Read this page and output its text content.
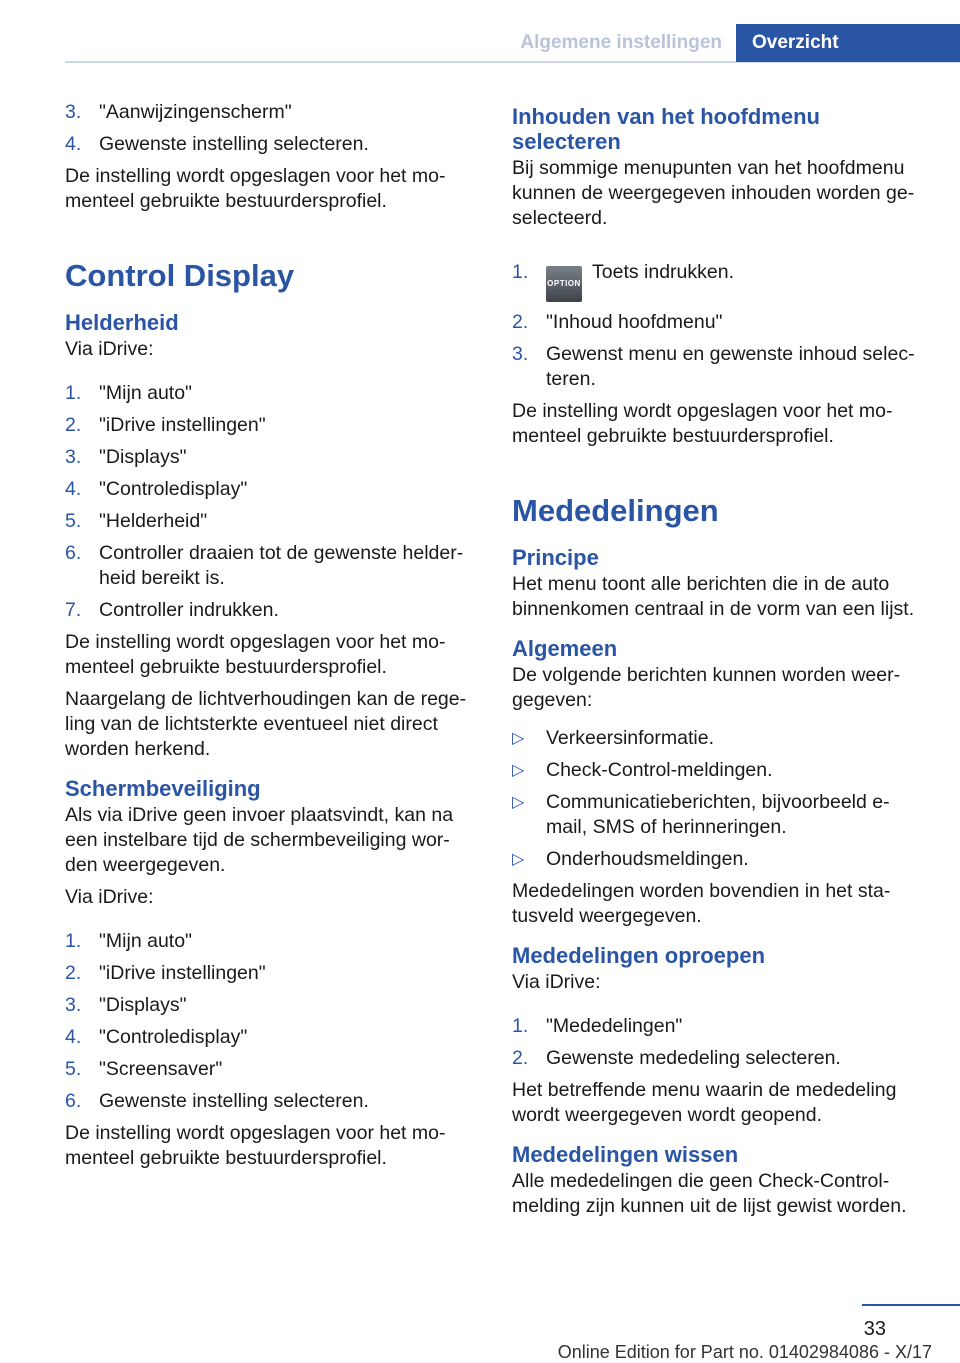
Algemene instellingen	Overzicht
3. "Aanwijzingenscherm"
4. Gewenste instelling selecteren.

De instelling wordt opgeslagen voor het mo-menteel gebruikte bestuurdersprofiel.

Control Display
Helderheid

Via iDrive:

1. "Mijn auto"
2. "iDrive instellingen"
3. "Displays"
4. "Controledisplay"
5. "Helderheid"
6. Controller draaien tot de gewenste helder-heid bereikt is.
7. Controller indrukken.

De instelling wordt opgeslagen voor het mo-menteel gebruikte bestuurdersprofiel.

Naargelang de lichtverhoudingen kan de rege-ling van de lichtsterkte eventueel niet direct worden herkend.

Schermbeveiliging

Als via iDrive geen invoer plaatsvindt, kan na een instelbare tijd de schermbeveiliging wor-den weergegeven.

Via iDrive:

1. "Mijn auto"
2. "iDrive instellingen"
3. "Displays"
4. "Controledisplay"
5. "Screensaver"
6. Gewenste instelling selecteren.

De instelling wordt opgeslagen voor het mo-menteel gebruikte bestuurdersprofiel.

Inhouden van het hoofdmenu selecteren

Bij sommige menupunten van het hoofdmenu kunnen de weergegeven inhouden worden ge-selecteerd.

1.
OPTIONToets indrukken.
2. "Inhoud hoofdmenu"
3. Gewenst menu en gewenste inhoud selec-teren.

De instelling wordt opgeslagen voor het mo-menteel gebruikte bestuurdersprofiel.

Mededelingen
Principe

Het menu toont alle berichten die in de auto binnenkomen centraal in de vorm van een lijst.

Algemeen

De volgende berichten kunnen worden weer-gegeven:

▷ Verkeersinformatie.
▷ Check-Control-meldingen.
▷ Communicatieberichten, bijvoorbeeld e-mail, SMS of herinneringen.
▷ Onderhoudsmeldingen.

Mededelingen worden bovendien in het sta-tusveld weergegeven.

Mededelingen oproepen

Via iDrive:

1. "Mededelingen"
2. Gewenste mededeling selecteren.

Het betreffende menu waarin de mededeling wordt weergegeven wordt geopend.

Mededelingen wissen

Alle mededelingen die geen Check-Control-melding zijn kunnen uit de lijst gewist worden.

33
Online Edition for Part no. 01402984086 - X/17
